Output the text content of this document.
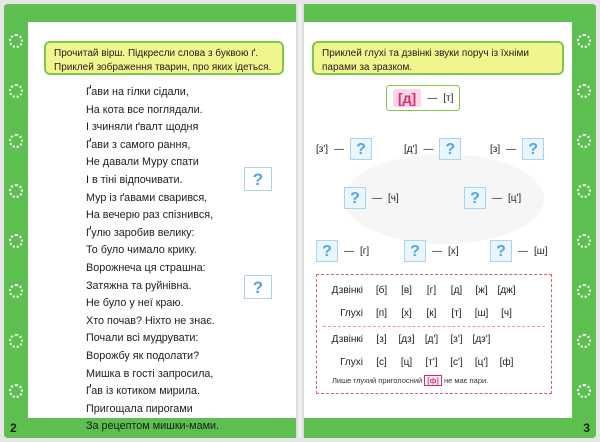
Прочитай вірш. Підкресли слова з буквою ґ. Приклей зображення тварин, про яких ідеться.
Ґави на гілки сідали,
На кота все поглядали.
І зчиняли ґвалт щодня
Ґави з самого рання,
Не давали Мурy спати
І в тіні відпочивати.
Мур із ґавами сварився,
На вечерю раз спізнився,
Ґулю заробив велику:
То було чимало крику.
Ворожнеча ця страшна:
Затяжна та руйнівна.
Не було у неї краю.
Хто почав? Ніхто не знає.
Почали всі мудрувати:
Ворожбу як подолати?
Мишка в гості запросила,
Ґав із котиком мирила.
Пригощала пирогами
За рецептом мишки-мами.
?
?
2
Приклей глухі та дзвінкі звуки поруч із їхніми парами за зразком.
[д]	— [т]
[з'] — ?	[д'] — ?	[з] — ?
?	— [ч]	?	— [ц']
?	— [г]	?	— [х]	?	— [ш]
Дзвінкі	[б]	[в]	[г]	[д]	[ж] [дж]
Глухі	[п]	[х]	[к]	[т]	[ш]	[ч]
Дзвінкі	[з]	[дз]	[д']	[з']	[дз']
Глухі	[с]	[ц]	[т']	[с']	[ц']	[ф]
Лише глухий приголосний [ф] не має пари.
3
